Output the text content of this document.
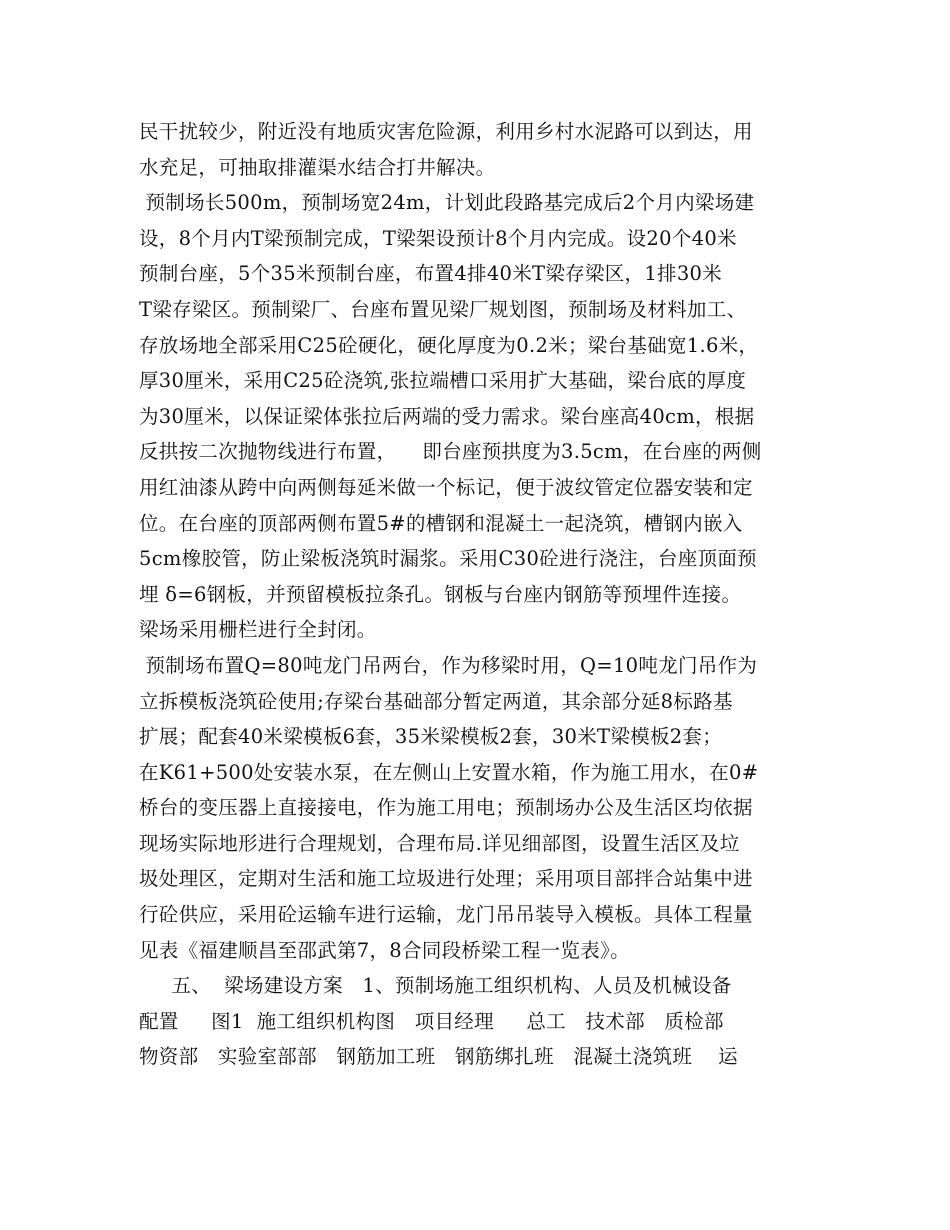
民干扰较少，附近没有地质灾害危险源，利用乡村水泥路可以到达，用
水充足，可抽取排灌渠水结合打井解决。
预制场长500m，预制场宽24m，计划此段路基完成后2个月内梁场建
设，8个月内T梁预制完成，T梁架设预计8个月内完成。设20个40米
预制台座，5个35米预制台座，布置4排40米T梁存梁区，1排30米
T梁存梁区。预制梁厂、台座布置见梁厂规划图，预制场及材料加工、
存放场地全部采用C25砼硬化，硬化厚度为0.2米；梁台基础宽1.6米，
厚30厘米，采用C25砼浇筑,张拉端槽口采用扩大基础，梁台底的厚度
为30厘米，以保证梁体张拉后两端的受力需求。梁台座高40cm，根据
反拱按二次抛物线进行布置，    即台座预拱度为3.5cm，在台座的两侧
用红油漆从跨中向两侧每延米做一个标记，便于波纹管定位器安装和定
位。在台座的顶部两侧布置5#的槽钢和混凝土一起浇筑，槽钢内嵌入
5cm橡胶管，防止梁板浇筑时漏浆。采用C30砼进行浇注，台座顶面预
埋 δ=6钢板，并预留模板拉条孔。钢板与台座内钢筋等预埋件连接。
梁场采用栅栏进行全封闭。
预制场布置Q=80吨龙门吊两台，作为移梁时用，Q=10吨龙门吊作为
立拆模板浇筑砼使用;存梁台基础部分暂定两道，其余部分延8标路基
扩展；配套40米梁模板6套，35米梁模板2套，30米T梁模板2套；
在K61+500处安装水泵，在左侧山上安置水箱，作为施工用水，在0#
桥台的变压器上直接接电，作为施工用电；预制场办公及生活区均依据
现场实际地形进行合理规划，合理布局.详见细部图，设置生活区及垃
圾处理区，定期对生活和施工垃圾进行处理；采用项目部拌合站集中进
行砼供应，采用砼运输车进行运输，龙门吊吊装导入模板。具体工程量
见表《福建顺昌至邵武第7，8合同段桥梁工程一览表》。
五、  梁场建设方案   1、预制场施工组织机构、人员及机械设备
配置     图1  施工组织机构图   项目经理     总工   技术部   质检部
物资部   实验室部部   钢筋加工班   钢筋绑扎班   混凝土浇筑班    运
